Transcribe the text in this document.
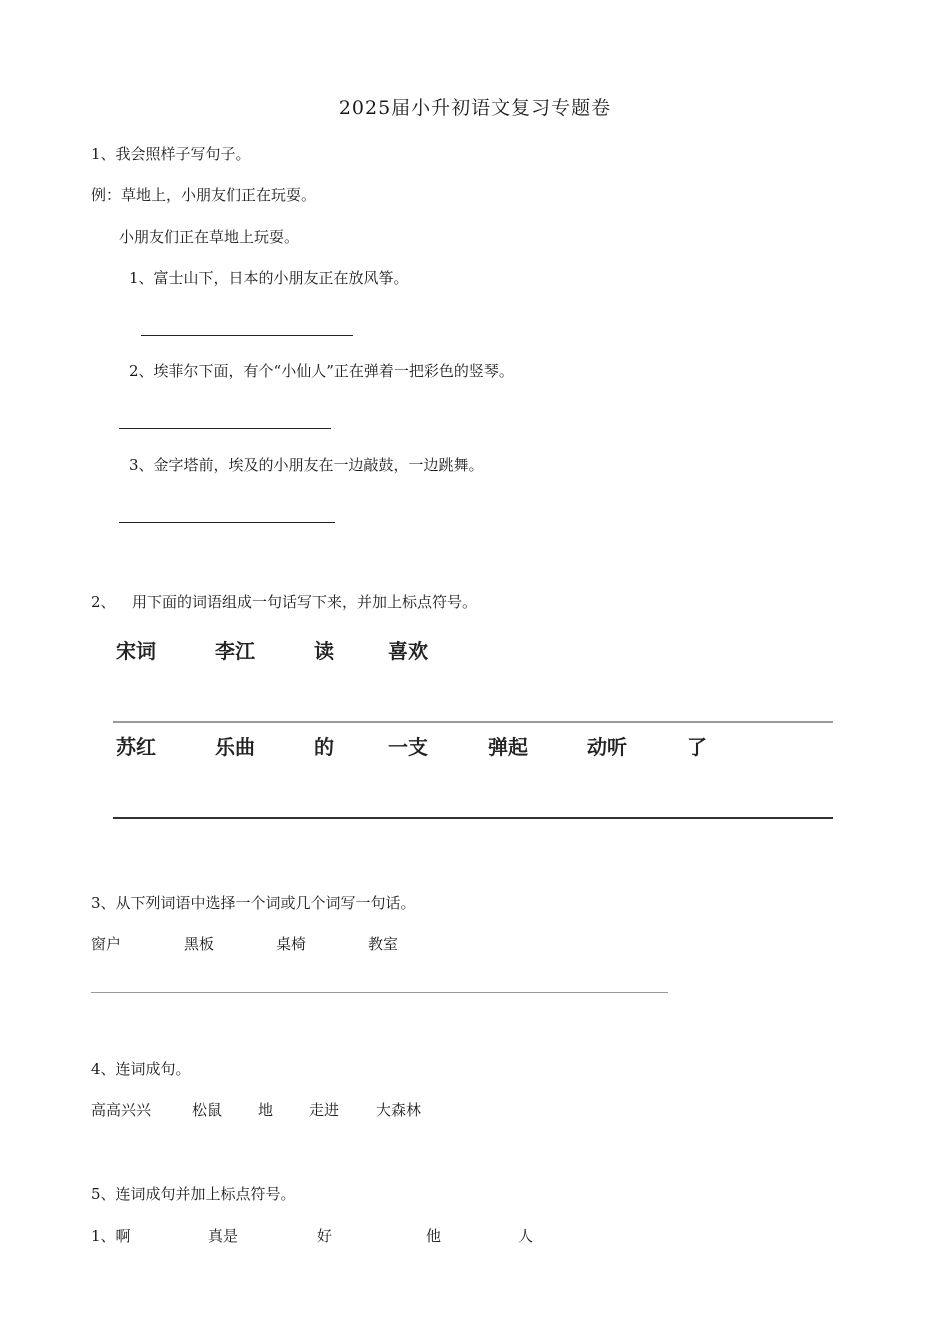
2025届小升初语文复习专题卷
1、我会照样子写句子。
例：草地上，小朋友们正在玩耍。
小朋友们正在草地上玩耍。
1、富士山下，日本的小朋友正在放风筝。
2、埃菲尔下面，有个“小仙人”正在弹着一把彩色的竖琴。
3、金字塔前，埃及的小朋友在一边敲鼓，一边跳舞。
2、 用下面的词语组成一句话写下来，并加上标点符号。
宋词	李江	读	喜欢
苏红	乐曲	的	一支	弹起	动听	了
3、从下列词语中选择一个词或几个词写一句话。
窗户	黑板	桌椅	教室
4、连词成句。
高高兴兴	松鼠 地 走进 大森林
5、连词成句并加上标点符号。
1、啊	真是	好	他	人
